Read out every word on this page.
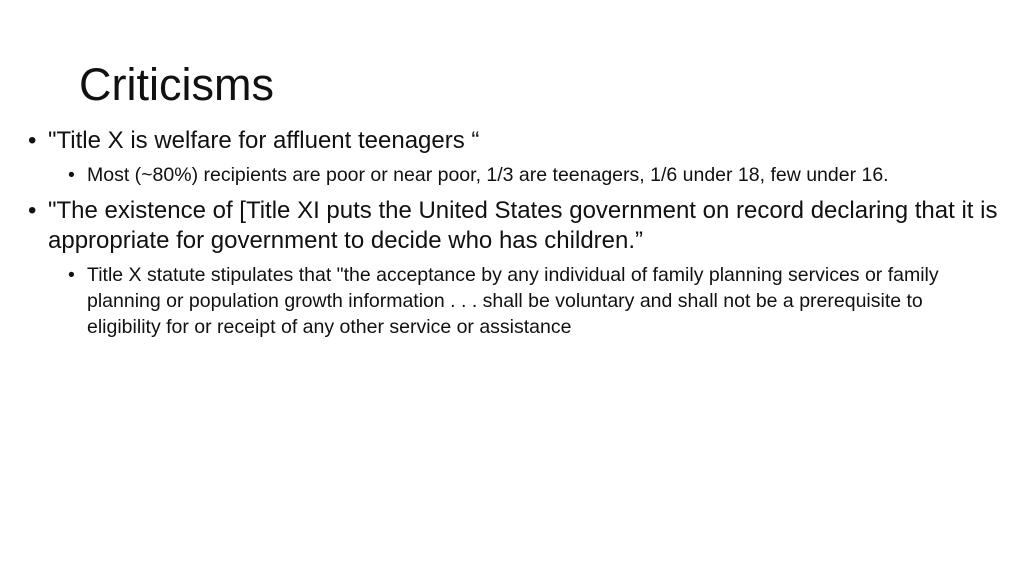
Criticisms
• "Title X is welfare for affluent teenagers “
• Most (~80%) recipients are poor or near poor, 1/3 are teenagers, 1/6 under 18, few under 16.
• "The existence of [Title XI puts the United States government on record declaring that it is appropriate for government to decide who has children.”
• Title X statute stipulates that "the acceptance by any individual of family planning services or family planning or population growth information . . . shall be voluntary and shall not be a prerequisite to eligibility for or receipt of any other service or assistance
